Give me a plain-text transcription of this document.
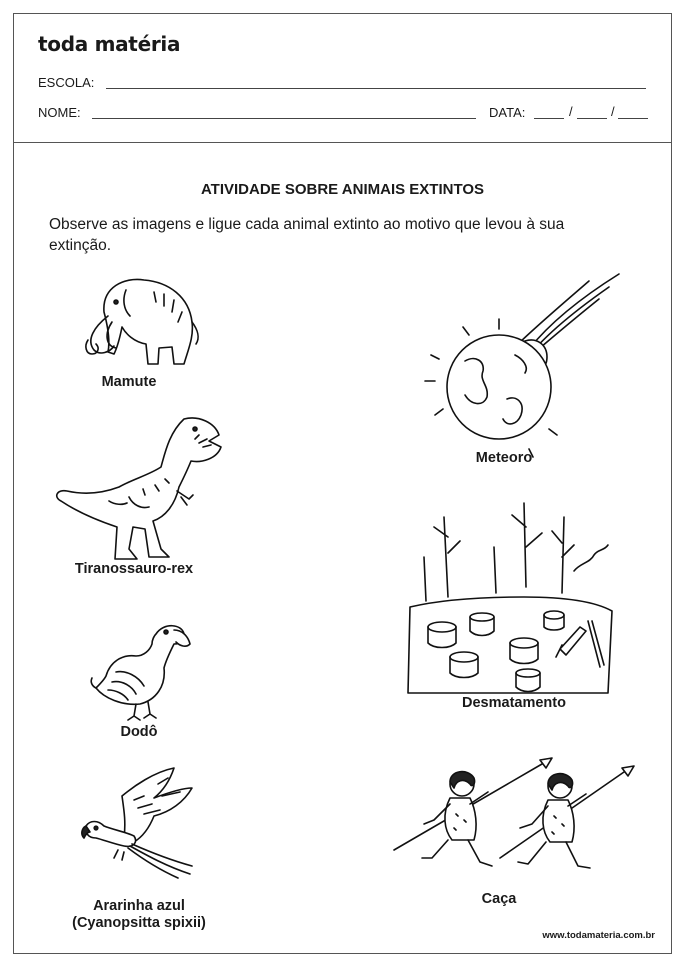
toda matéria
ESCOLA:
NOME:	DATA:	/	/
ATIVIDADE SOBRE ANIMAIS EXTINTOS
Observe as imagens e ligue cada animal extinto ao motivo que levou à sua extinção.
Mamute
Tiranossauro-rex
Dodô
Ararinha azul
(Cyanopsitta spixii)
Meteoro
Desmatamento
Caça
www.todamateria.com.br
